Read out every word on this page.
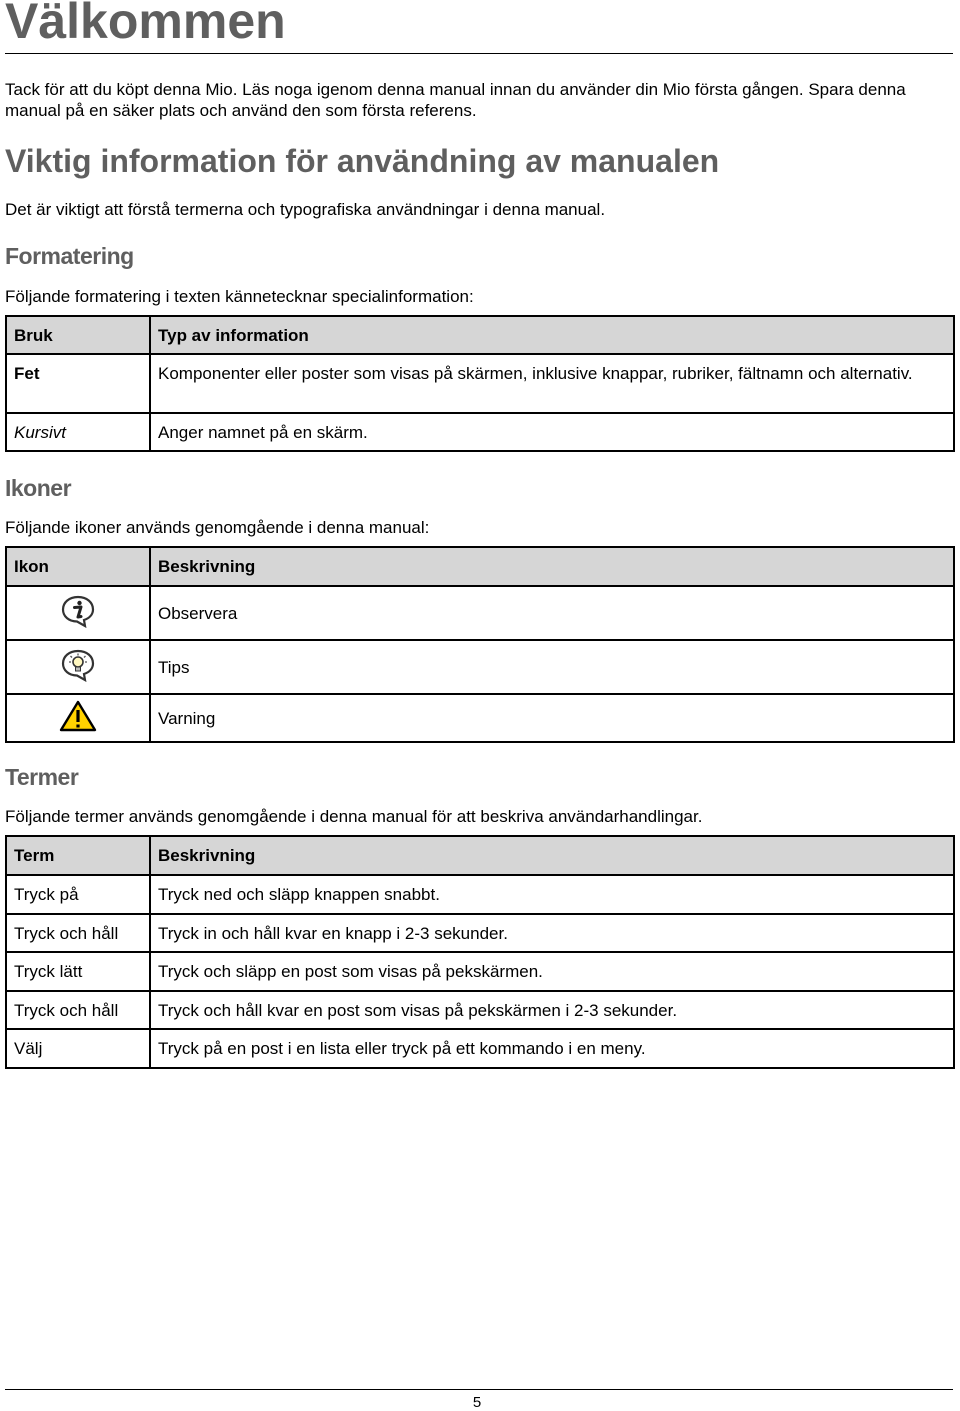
Välkommen
Tack för att du köpt denna Mio. Läs noga igenom denna manual innan du använder din Mio första gången. Spara denna manual på en säker plats och använd den som första referens.
Viktig information för användning av manualen
Det är viktigt att förstå termerna och typografiska användningar i denna manual.
Formatering
Följande formatering i texten kännetecknar specialinformation:
Bruk	Typ av information
Fet	Komponenter eller poster som visas på skärmen, inklusive knappar, rubriker, fältnamn och alternativ.
Kursivt	Anger namnet på en skärm.
Ikoner
Följande ikoner används genomgående i denna manual:
Ikon	Beskrivning
	Observera
	Tips
	Varning
Termer
Följande termer används genomgående i denna manual för att beskriva användarhandlingar.
Term	Beskrivning
Tryck på	Tryck ned och släpp knappen snabbt.
Tryck och håll	Tryck in och håll kvar en knapp i 2-3 sekunder.
Tryck lätt	Tryck och släpp en post som visas på pekskärmen.
Tryck och håll	Tryck och håll kvar en post som visas på pekskärmen i 2-3 sekunder.
Välj	Tryck på en post i en lista eller tryck på ett kommando i en meny.
5
